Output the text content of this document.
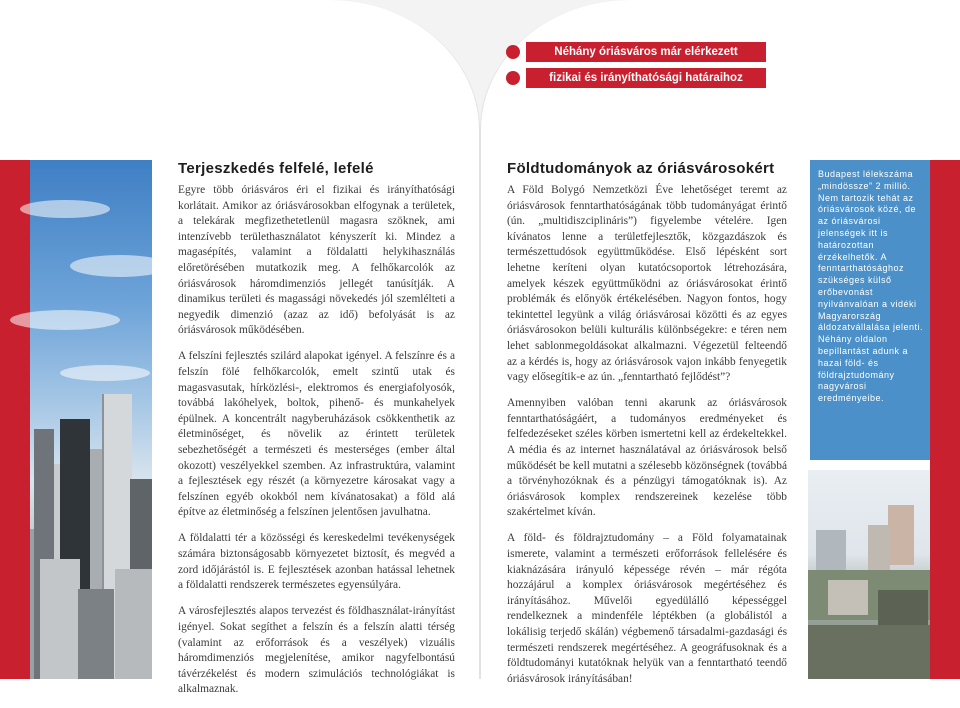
Néhány óriásváros már elérkezett
fizikai és irányíthatósági határaihoz
Budapest lélekszáma „mindössze” 2 millió. Nem tartozik tehát az óriásvárosok közé, de az óriásvárosi jelenségek itt is határozottan érzékelhetők. A fenntarthatósághoz szükséges külső erőbevonást nyilvánvalóan a vidéki Magyarország áldozatvállalása jelenti. Néhány oldalon bepillantást adunk a hazai föld- és földrajztudomány nagyvárosi eredményeibe.
Terjeszkedés felfelé, lefelé

Egyre több óriásváros éri el fizikai és irányíthatósági korlátait. Amikor az óriásvárosokban elfogynak a területek, a telekárak megfizethetetlenül magasra szöknek, ami intenzívebb területhasználatot kényszerít ki. Mindez a magasépítés, valamint a földalatti helykihasználás előretörésében mutatkozik meg. A felhőkarcolók az óriásvárosok háromdimenziós jellegét tanúsítják. A dinamikus területi és magassági növekedés jól szemlélteti a negyedik dimenzió (azaz az idő) befolyását is az óriásvárosok működésében.

A felszíni fejlesztés szilárd alapokat igényel. A felszínre és a felszín fölé felhőkarcolók, emelt szintű utak és magasvasutak, hírközlési-, elektromos és energiafolyosók, továbbá lakóhelyek, boltok, pihenő- és munkahelyek épülnek. A koncentrált nagyberuházások csökkenthetik az életminőséget, és növelik az érintett területek sebezhetőségét a természeti és mesterséges (ember által okozott) veszélyekkel szemben. Az infrastruktúra, valamint a fejlesztések egy részét (a környezetre károsakat vagy a felszínen egyéb okokból nem kívánatosakat) a föld alá építve az életminőség a felszínen jelentősen javulhatna.

A földalatti tér a közösségi és kereskedelmi tevékenységek számára biztonságosabb környezetet biztosít, és megvéd a zord időjárástól is. E fejlesztések azonban hatással lehetnek a földalatti rendszerek természetes egyensúlyára.

A városfejlesztés alapos tervezést és földhasználat-irányítást igényel. Sokat segíthet a felszín és a felszín alatti térség (valamint az erőforrások és a veszélyek) vizuális háromdimenziós megjelenítése, amikor nagyfelbontású távérzékelést és modern szimulációs technológiákat is alkalmaznak.

Földtudományok az óriásvárosokért

A Föld Bolygó Nemzetközi Éve lehetőséget teremt az óriásvárosok fenntarthatóságának több tudományágat érintő (ún. „multidiszciplináris”) figyelembe vételére. Igen kívánatos lenne a területfejlesztők, közgazdászok és természettudósok együttműködése. Első lépésként sort lehetne keríteni olyan kutatócsoportok létrehozására, amelyek készek együttműködni az óriásvárosokat érintő problémák és előnyök értékelésében. Nagyon fontos, hogy tekintettel legyünk a világ óriásvárosai közötti és az egyes óriásvárosokon belüli kulturális különbségekre: e téren nem lehet sablonmegoldásokat alkalmazni. Végezetül felteendő az a kérdés is, hogy az óriásvárosok vajon inkább fenyegetik vagy elősegítik-e az ún. „fenntartható fejlődést”?

Amennyiben valóban tenni akarunk az óriásvárosok fenntarthatóságáért, a tudományos eredményeket és felfedezéseket széles körben ismertetni kell az érdekeltekkel. A média és az internet használatával az óriásvárosok belső működését be kell mutatni a szélesebb közönségnek (továbbá a törvényhozóknak és a pénzügyi támogatóknak is). Az óriásvárosok komplex rendszereinek kezelése több szakértelmet kíván.

A föld- és földrajztudomány – a Föld folyamatainak ismerete, valamint a természeti erőforrások fellelésére és kiaknázására irányuló képessége révén – már régóta hozzájárul a komplex óriásvárosok megértéséhez és irányításához. Művelői egyedülálló képességgel rendelkeznek a mindenféle léptékben (a globálistól a lokálisig terjedő skálán) végbemenő társadalmi-gazdasági és természeti rendszerek megértéséhez. A geográfusoknak és a földtudományi kutatóknak helyük van a fenntartható teendő óriásvárosok irányításában!
